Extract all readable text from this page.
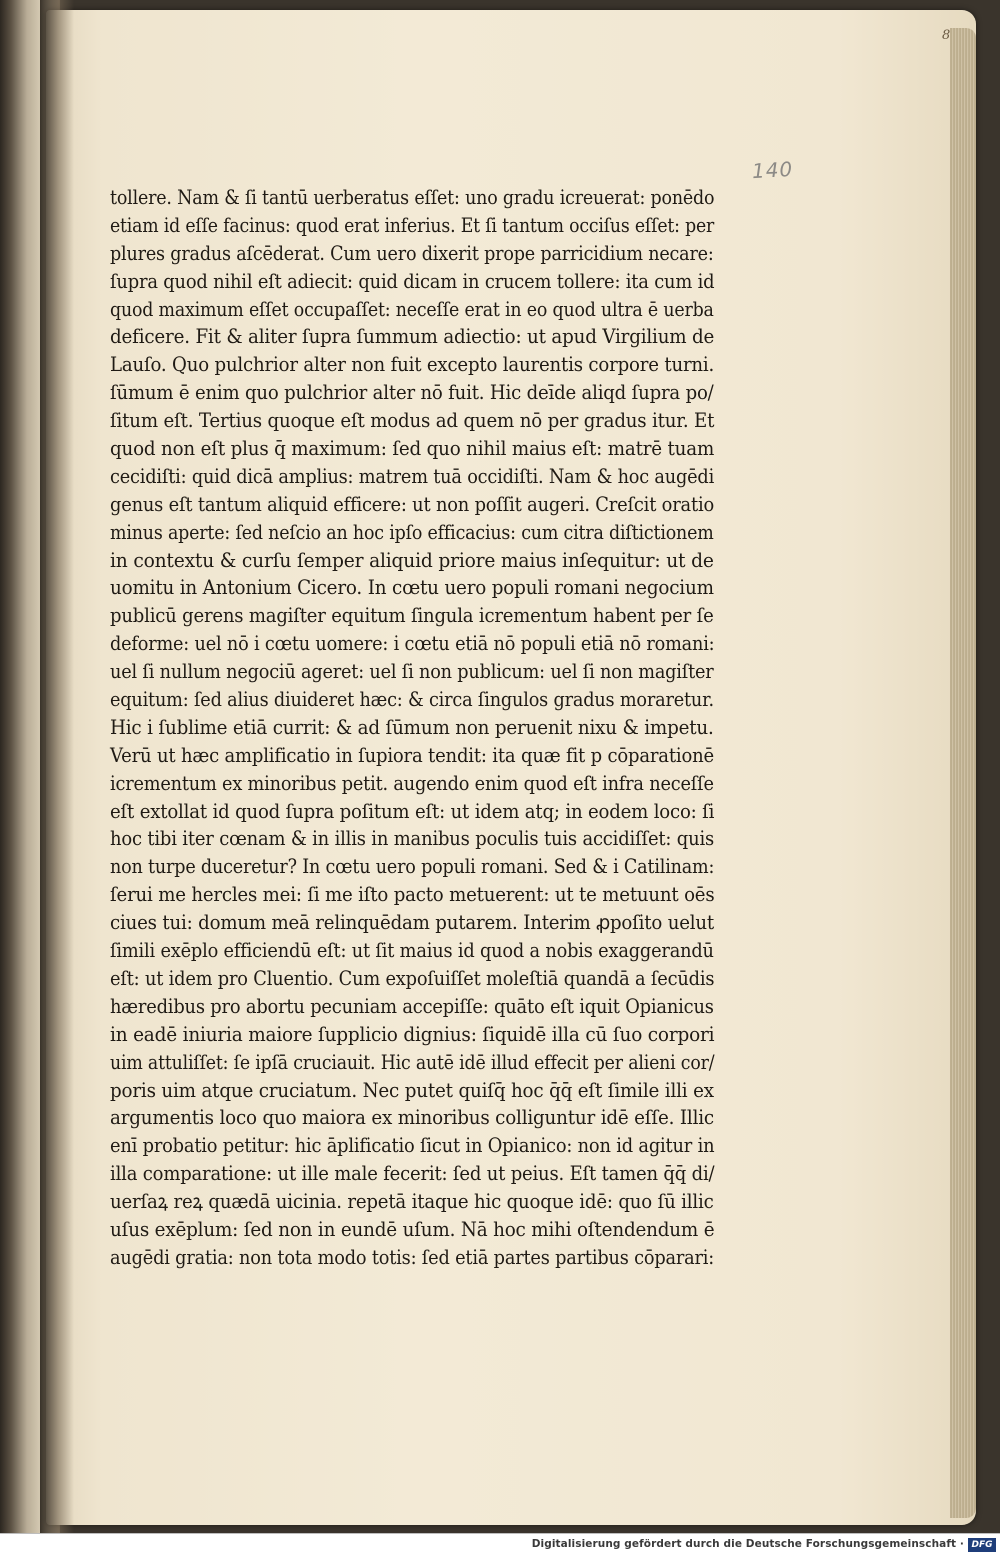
8
140
tollere. Nam & ſi tantū uerberatus eſſet: uno gradu icreuerat: ponēdo
etiam id eſſe facinus: quod erat inferius. Et ſi tantum occiſus eſſet: per
plures gradus aſcēderat. Cum uero dixerit prope parricidium necare:
ſupra quod nihil eſt adiecit: quid dicam in crucem tollere: ita cum id
quod maximum eſſet occupaſſet: neceſſe erat in eo quod ultra ē uerba
deficere. Fit & aliter ſupra ſummum adiectio: ut apud Virgilium de
Lauſo. Quo pulchrior alter non fuit excepto laurentis corpore turni.
ſūmum ē enim quo pulchrior alter nō fuit. Hic deīde aliqd ſupra po/
ſitum eſt. Tertius quoque eſt modus ad quem nō per gradus itur. Et
quod non eſt plus q̄ maximum: ſed quo nihil maius eſt: matrē tuam
cecidiſti: quid dicā amplius: matrem tuā occidiſti. Nam & hoc augēdi
genus eſt tantum aliquid efficere: ut non poſſit augeri. Creſcit oratio
minus aperte: ſed neſcio an hoc ipſo efficacius: cum citra diſtictionem
in contextu & curſu ſemper aliquid priore maius inſequitur: ut de
uomitu in Antonium Cicero. In cœtu uero populi romani negocium
publicū gerens magiſter equitum ſingula icrementum habent per ſe
deforme: uel nō i cœtu uomere: i cœtu etiā nō populi etiā nō romani:
uel ſi nullum negociū ageret: uel ſi non publicum: uel ſi non magiſter
equitum: ſed alius diuideret hæc: & circa ſingulos gradus moraretur.
Hic i ſublime etiā currit: & ad ſūmum non peruenit nixu & impetu.
Verū ut hæc amplificatio in ſupiora tendit: ita quæ fit p cōparationē
icrementum ex minoribus petit. augendo enim quod eſt infra neceſſe
eſt extollat id quod ſupra poſitum eſt: ut idem atq; in eodem loco: ſi
hoc tibi iter cœnam & in illis in manibus poculis tuis accidiſſet: quis
non turpe duceretur? In cœtu uero populi romani. Sed & i Catilinam:
ſerui me hercles mei: ſi me iſto pacto metuerent: ut te metuunt oēs
ciues tui: domum meā relinquēdam putarem. Interim ꝓpoſito uelut
ſimili exēplo efficiendū eſt: ut ſit maius id quod a nobis exaggerandū
eſt: ut idem pro Cluentio. Cum expoſuiſſet moleſtiā quandā a ſecūdis
hæredibus pro abortu pecuniam accepiſſe: quāto eſt iquit Opianicus
in eadē iniuria maiore ſupplicio dignius: ſiquidē illa cū ſuo corpori
uim attuliſſet: ſe ipſā cruciauit. Hic autē idē illud effecit per alieni cor/
poris uim atque cruciatum. Nec putet quiſq̄ hoc q̄q̄ eſt ſimile illi ex
argumentis loco quo maiora ex minoribus colliguntur idē eſſe. Illic
enī probatio petitur: hic āplificatio ſicut in Opianico: non id agitur in
illa comparatione: ut ille male fecerit: ſed ut peius. Eſt tamen q̄q̄ di/
uerſaꝝ reꝝ quædā uicinia. repetā itaque hic quoque idē: quo ſū illic
uſus exēplum: ſed non in eundē uſum. Nā hoc mihi oſtendendum ē
augēdi gratia: non tota modo totis: ſed etiā partes partibus cōparari:
Digitalisierung gefördert durch die Deutsche Forschungsgemeinschaft · DFG
